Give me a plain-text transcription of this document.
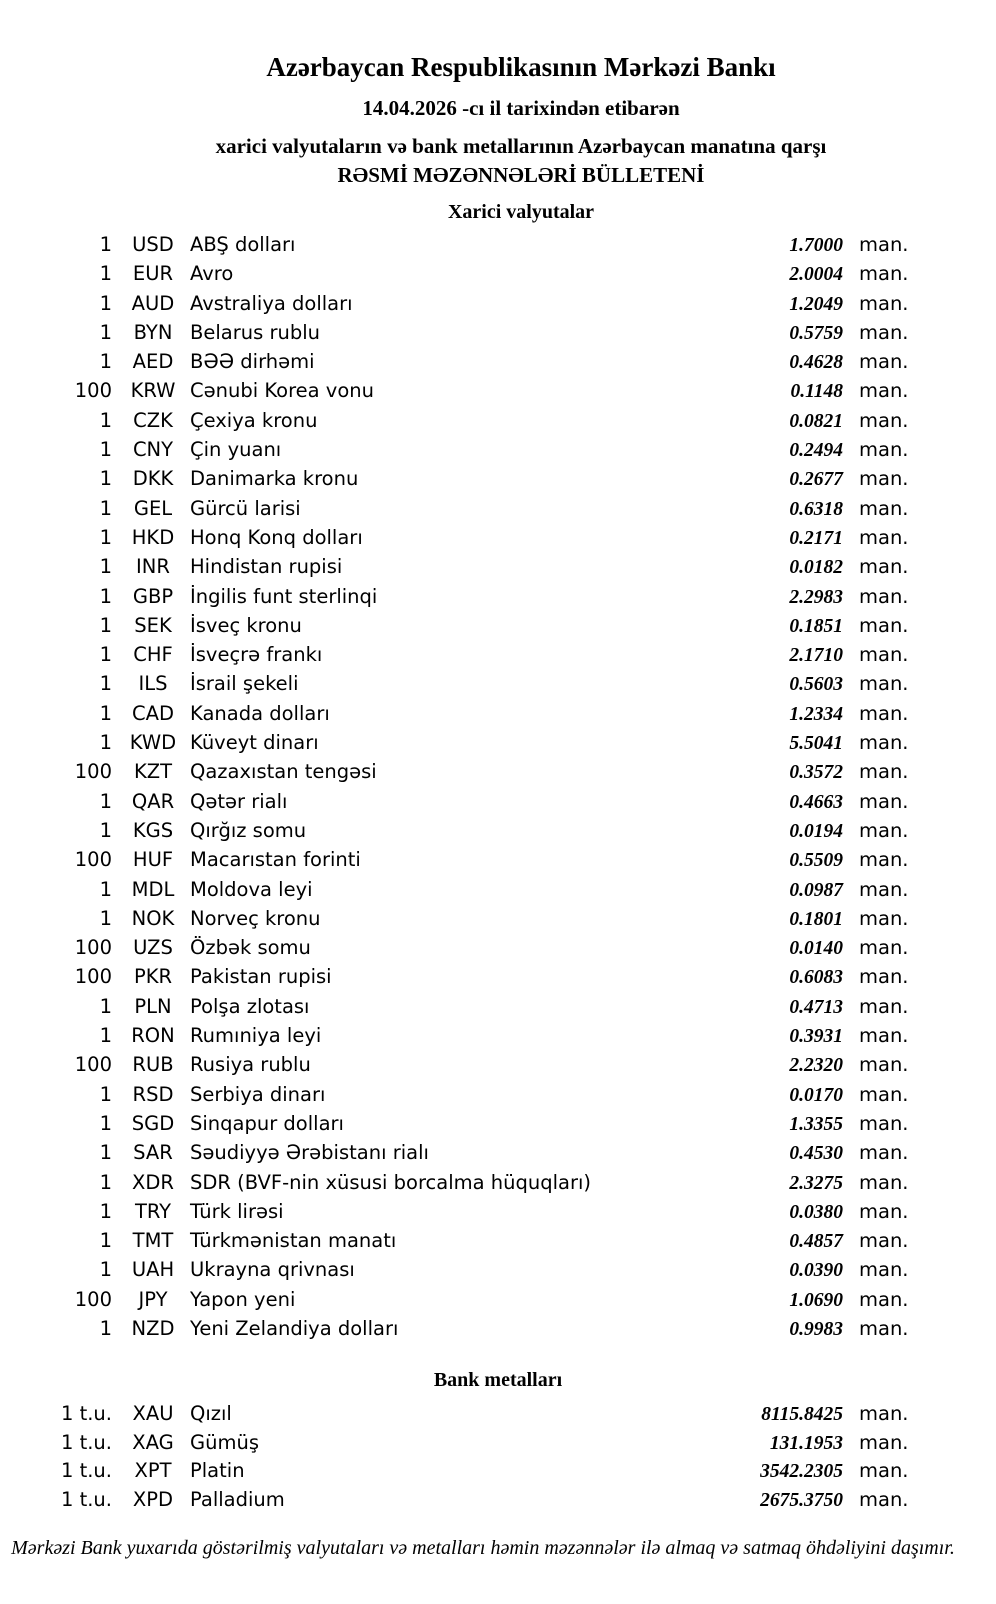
Azərbaycan Respublikasının Mərkəzi Bankı
14.04.2026 -cı il tarixindən etibarən
xarici valyutaların və bank metallarının Azərbaycan manatına qarşı
RƏSMİ MƏZƏNNƏLƏRİ BÜLLETENİ
Xarici valyutalar
1	USD ABŞ dolları	1.7000 man.
1	EUR Avro	2.0004 man.
1	AUD Avstraliya dolları	1.2049 man.
1	BYN Belarus rublu	0.5759 man.
1	AED BƏƏ dirhəmi	0.4628 man.
100 KRW Cənubi Korea vonu	0.1148 man.
1	CZK Çexiya kronu	0.0821 man.
1	CNY Çin yuanı	0.2494 man.
1	DKK Danimarka kronu	0.2677 man.
1	GEL Gürcü larisi	0.6318 man.
1	HKD Honq Konq dolları	0.2171 man.
1	INR	Hindistan rupisi	0.0182 man.
1	GBP İngilis funt sterlinqi	2.2983 man.
1	SEK İsveç kronu	0.1851 man.
1	CHF İsveçrə frankı	2.1710 man.
1	ILS	İsrail şekeli	0.5603 man.
1	CAD Kanada dolları	1.2334 man.
1 KWD Küveyt dinarı	5.5041 man.
100	KZT Qazaxıstan tengəsi	0.3572 man.
1	QAR Qətər rialı	0.4663 man.
1	KGS Qırğız somu	0.0194 man.
100	HUF Macarıstan forinti	0.5509 man.
1	MDL Moldova leyi	0.0987 man.
1	NOK Norveç kronu	0.1801 man.
100	UZS Özbək somu	0.0140 man.
100	PKR Pakistan rupisi	0.6083 man.
1	PLN Polşa zlotası	0.4713 man.
1 RON Rumıniya leyi	0.3931 man.
100	RUB Rusiya rublu	2.2320 man.
1	RSD Serbiya dinarı	0.0170 man.
1	SGD Sinqapur dolları	1.3355 man.
1	SAR Səudiyyə Ərəbistanı rialı	0.4530 man.
1	XDR SDR (BVF-nin xüsusi borcalma hüquqları)	2.3275 man.
1	TRY Türk lirəsi	0.0380 man.
1	TMT Türkmənistan manatı	0.4857 man.
1	UAH Ukrayna qrivnası	0.0390 man.
100	JPY	Yapon yeni	1.0690 man.
1	NZD Yeni Zelandiya dolları	0.9983 man.
Bank metalları
1 t.u.	XAU Qızıl	8115.8425 man.
1 t.u.	XAG Gümüş	131.1953 man.
1 t.u.	XPT Platin	3542.2305 man.
1 t.u.	XPD Palladium	2675.3750 man.
Mərkəzi Bank yuxarıda göstərilmiş valyutaları və metalları həmin məzənnələr ilə almaq və satmaq öhdəliyini daşımır.
